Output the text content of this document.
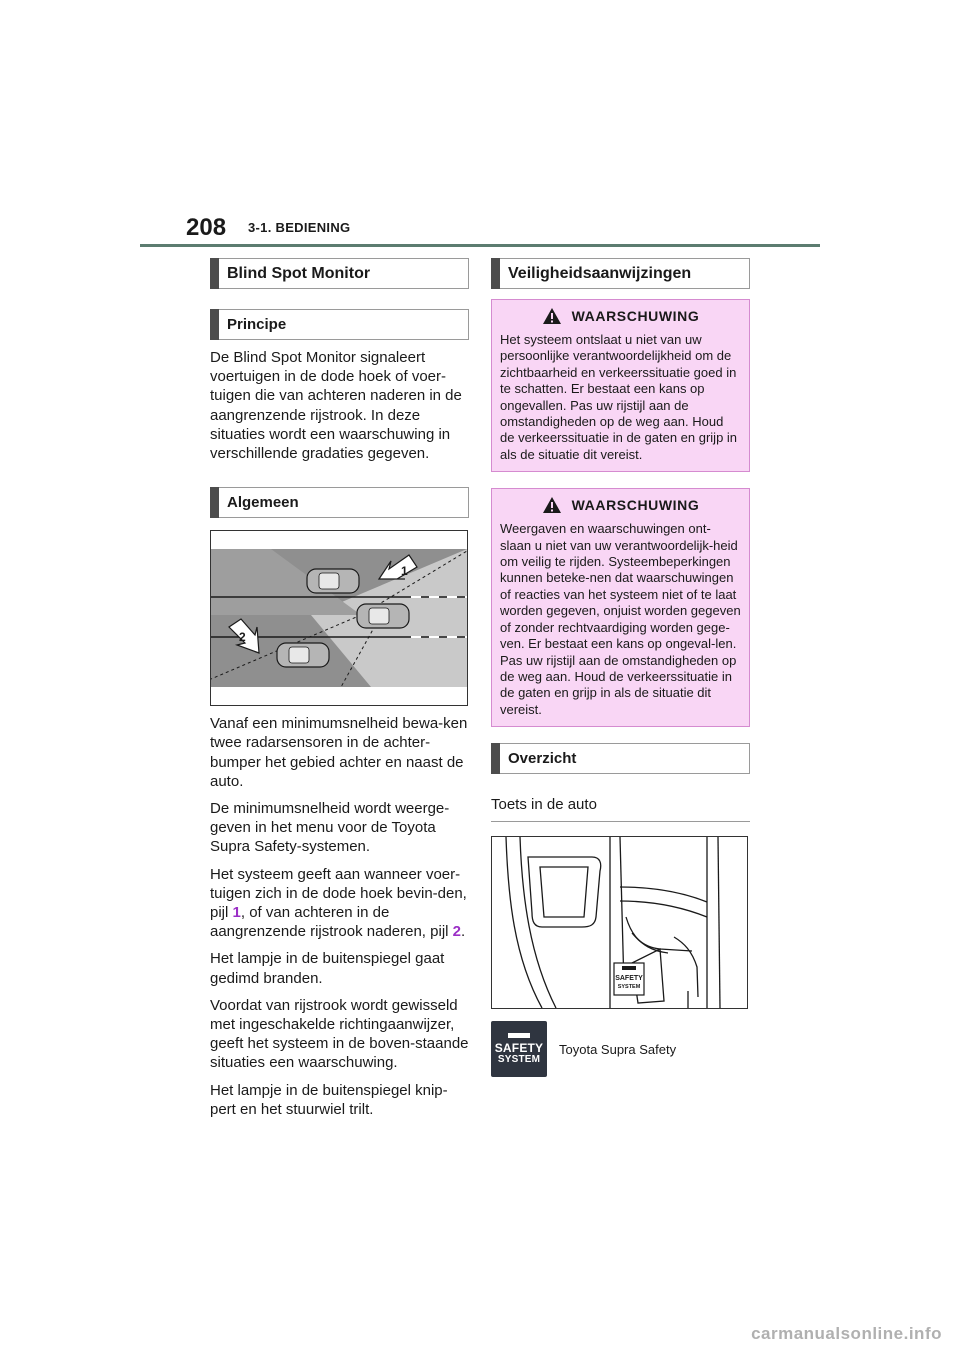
208 3-1. BEDIENING
Blind Spot Monitor
Principe

De Blind Spot Monitor signaleert voertuigen in de dode hoek of voer-tuigen die van achteren naderen in de aangrenzende rijstrook. In deze situaties wordt een waarschuwing in verschillende gradaties gegeven.

Algemeen
1
2

Vanaf een minimumsnelheid bewa-ken twee radarsensoren in de achter-bumper het gebied achter en naast de auto.

De minimumsnelheid wordt weerge-geven in het menu voor de Toyota Supra Safety-systemen.

Het systeem geeft aan wanneer voer-tuigen zich in de dode hoek bevin-den, pijl 1, of van achteren in de aangrenzende rijstrook naderen, pijl 2.

Het lampje in de buitenspiegel gaat gedimd branden.

Voordat van rijstrook wordt gewisseld met ingeschakelde richtingaanwijzer, geeft het systeem in de boven-staande situaties een waarschuwing.

Het lampje in de buitenspiegel knip-pert en het stuurwiel trilt.

Veiligheidsaanwijzingen
WAARSCHUWING

Het systeem ontslaat u niet van uw persoonlijke verantwoordelijkheid om de zichtbaarheid en verkeerssituatie goed in te schatten. Er bestaat een kans op ongevallen. Pas uw rijstijl aan de omstandigheden op de weg aan. Houd de verkeerssituatie in de gaten en grijp in als de situatie dit vereist.

WAARSCHUWING

Weergaven en waarschuwingen ont-slaan u niet van uw verantwoordelijk-heid om veilig te rijden. Systeembeperkingen kunnen beteke-nen dat waarschuwingen of reacties van het systeem niet of te laat worden gegeven, onjuist worden gegeven of zonder rechtvaardiging worden gege-ven. Er bestaat een kans op ongeval-len. Pas uw rijstijl aan de omstandigheden op de weg aan. Houd de verkeerssituatie in de gaten en grijp in als de situatie dit vereist.

Overzicht
Toets in de auto
SAFETY
SYSTEM
SAFETY
SYSTEM
Toyota Supra Safety
carmanualsonline.info
